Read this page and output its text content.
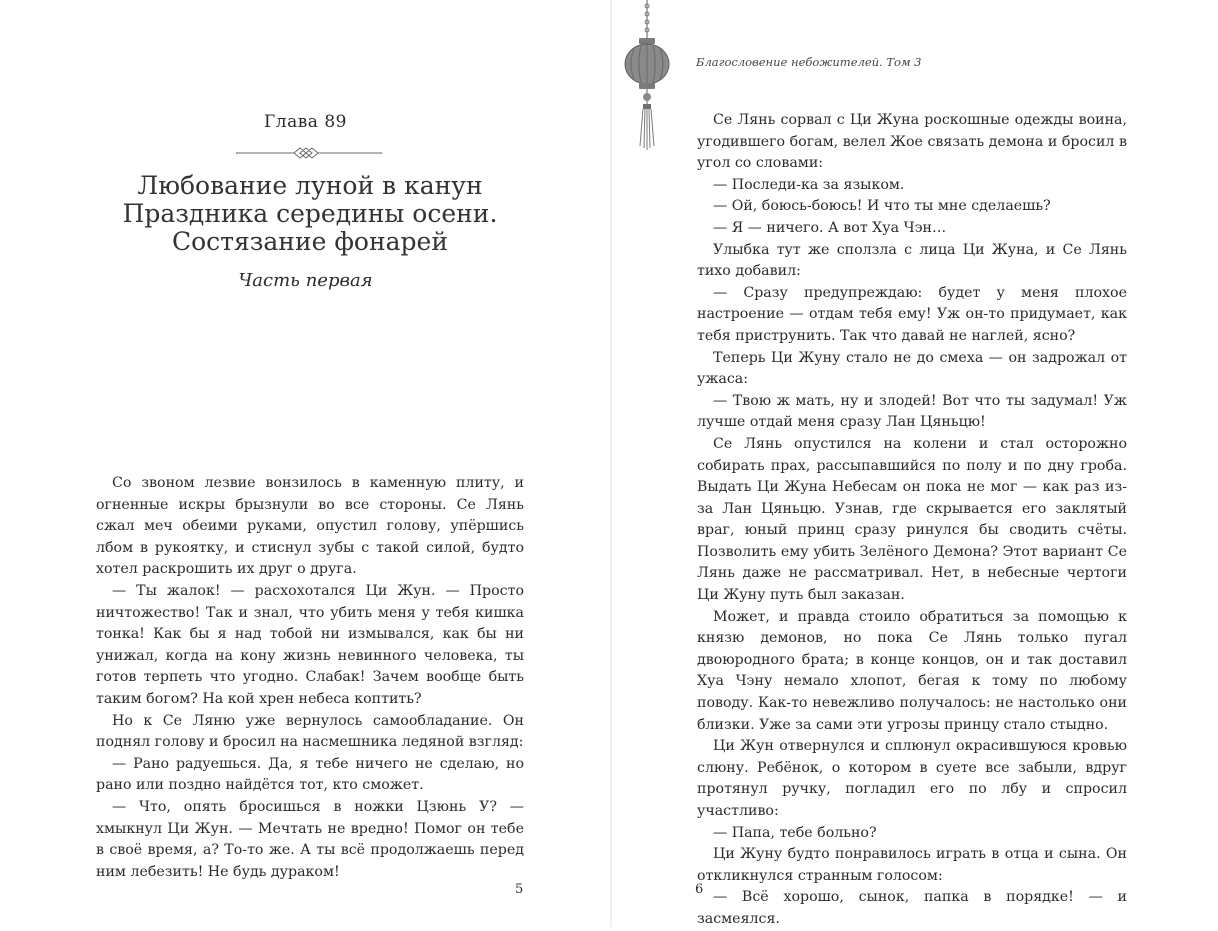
Глава 89
Любование луной в канун
Праздника середины осени.
Состязание фонарей
Часть первая

Со звоном лезвие вонзилось в каменную плиту, и огненные искры брызнули во все стороны. Се Лянь сжал меч обеими руками, опустил голову, упёршись лбом в рукоятку, и стиснул зубы с такой силой, будто хотел раскрошить их друг о друга.

— Ты жалок! — расхохотался Ци Жун. — Просто ничтожество! Так и знал, что убить меня у тебя кишка тонка! Как бы я над тобой ни измывался, как бы ни унижал, когда на кону жизнь невинного человека, ты готов терпеть что угодно. Слабак! Зачем вообще быть таким богом? На кой хрен небеса коптить?

Но к Се Ляню уже вернулось самообладание. Он поднял голову и бросил на насмешника ледяной взгляд:

— Рано радуешься. Да, я тебе ничего не сделаю, но рано или поздно найдётся тот, кто сможет.

— Что, опять бросишься в ножки Цзюнь У? — хмыкнул Ци Жун. — Мечтать не вредно! Помог он тебе в своё время, а? То-то же. А ты всё продолжаешь перед ним лебезить! Не будь дураком!

5
Благословение небожителей. Том 3

Се Лянь сорвал с Ци Жуна роскошные одежды воина, угодившего богам, велел Жое связать демона и бросил в угол со словами:

— Последи-ка за языком.

— Ой, боюсь-боюсь! И что ты мне сделаешь?

— Я — ничего. А вот Хуа Чэн…

Улыбка тут же сползла с лица Ци Жуна, и Се Лянь тихо добавил:

— Сразу предупреждаю: будет у меня плохое настроение — отдам тебя ему! Уж он-то придумает, как тебя приструнить. Так что давай не наглей, ясно?

Теперь Ци Жуну стало не до смеха — он задрожал от ужаса:

— Твою ж мать, ну и злодей! Вот что ты задумал! Уж лучше отдай меня сразу Лан Цяньцю!

Се Лянь опустился на колени и стал осторожно собирать прах, рассыпавшийся по полу и по дну гроба. Выдать Ци Жуна Небесам он пока не мог — как раз из-за Лан Цяньцю. Узнав, где скрывается его заклятый враг, юный принц сразу ринулся бы сводить счёты. Позволить ему убить Зелёного Демона? Этот вариант Се Лянь даже не рассматривал. Нет, в небесные чертоги Ци Жуну путь был заказан.

Может, и правда стоило обратиться за помощью к князю демонов, но пока Се Лянь только пугал двоюродного брата; в конце концов, он и так доставил Хуа Чэну немало хлопот, бегая к тому по любому поводу. Как-то невежливо получалось: не настолько они близки. Уже за сами эти угрозы принцу стало стыдно.

Ци Жун отвернулся и сплюнул окрасившуюся кровью слюну. Ребёнок, о котором в суете все забыли, вдруг протянул ручку, погладил его по лбу и спросил участливо:

— Папа, тебе больно?

Ци Жуну будто понравилось играть в отца и сына. Он откликнулся странным голосом:

— Всё хорошо, сынок, папка в порядке! — и засмеялся.

6
